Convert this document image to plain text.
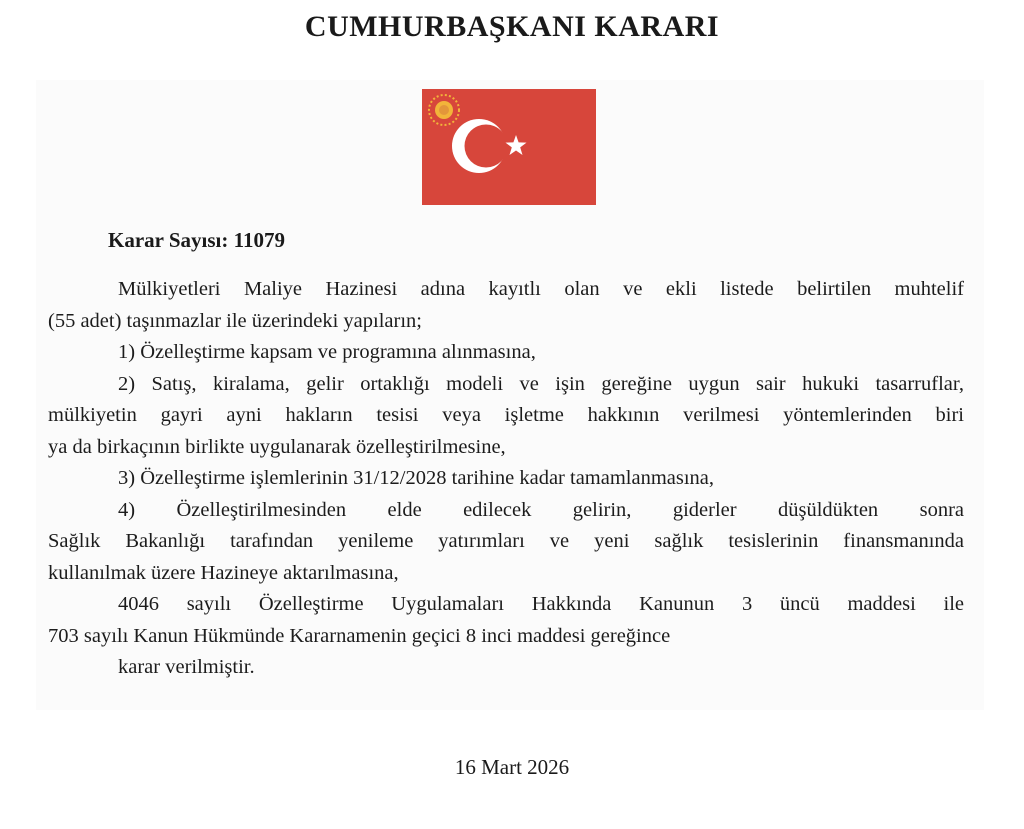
CUMHURBAŞKANI KARARI
Karar Sayısı: 11079
Mülkiyetleri Maliye Hazinesi adına kayıtlı olan ve ekli listede belirtilen muhtelif
(55 adet) taşınmazlar ile üzerindeki yapıların;
1) Özelleştirme kapsam ve programına alınmasına,
2) Satış, kiralama, gelir ortaklığı modeli ve işin gereğine uygun sair hukuki tasarruflar,
mülkiyetin gayri ayni hakların tesisi veya işletme hakkının verilmesi yöntemlerinden biri
ya da birkaçının birlikte uygulanarak özelleştirilmesine,
3) Özelleştirme işlemlerinin 31/12/2028 tarihine kadar tamamlanmasına,
4) Özelleştirilmesinden elde edilecek gelirin, giderler düşüldükten sonra
Sağlık Bakanlığı tarafından yenileme yatırımları ve yeni sağlık tesislerinin finansmanında
kullanılmak üzere Hazineye aktarılmasına,
4046 sayılı Özelleştirme Uygulamaları Hakkında Kanunun 3 üncü maddesi ile
703 sayılı Kanun Hükmünde Kararnamenin geçici 8 inci maddesi gereğince
karar verilmiştir.
16 Mart 2026
